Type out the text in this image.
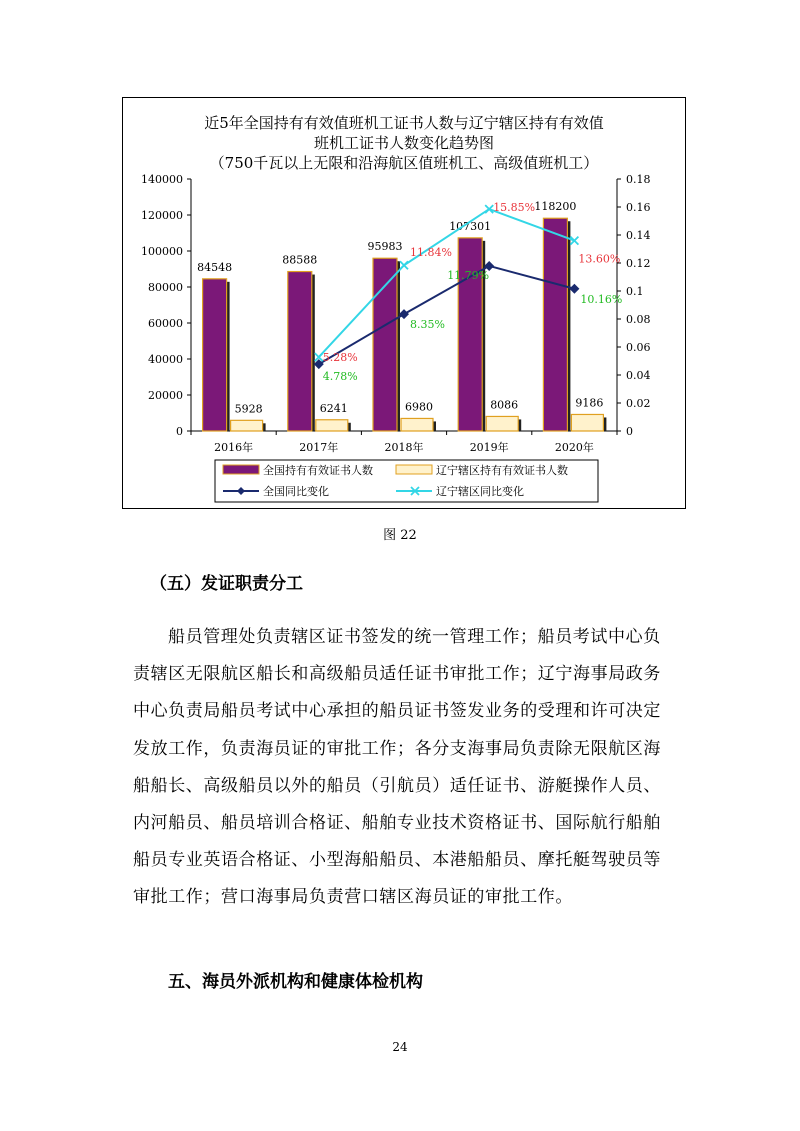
近5年全国持有有效值班机工证书人数与辽宁辖区持有有效值
班机工证书人数变化趋势图
（750千瓦以上无限和沿海航区值班机工、高级值班机工）
0
20000
40000
60000
80000
100000
120000
140000
0
0.02
0.04
0.06
0.08
0.1
0.12
0.14
0.16
0.18
2016年	2017年	2018年	2019年	2020年
84548
5928
88588
6241
95983
6980
107301
8086
118200
9186
4.78%
8.35%
11.79%
10.16%
5.28%
11.84%
15.85%
13.60%
全国持有有效证书人数	辽宁辖区持有有效证书人数
全国同比变化	辽宁辖区同比变化
图 22
（五）发证职责分工
船员管理处负责辖区证书签发的统一管理工作；船员考试中心负
责辖区无限航区船长和高级船员适任证书审批工作；辽宁海事局政务
中心负责局船员考试中心承担的船员证书签发业务的受理和许可决定
发放工作，负责海员证的审批工作；各分支海事局负责除无限航区海
船船长、高级船员以外的船员（引航员）适任证书、游艇操作人员、
内河船员、船员培训合格证、船舶专业技术资格证书、国际航行船舶
船员专业英语合格证、小型海船船员、本港船船员、摩托艇驾驶员等
审批工作；营口海事局负责营口辖区海员证的审批工作。
五、海员外派机构和健康体检机构
24
